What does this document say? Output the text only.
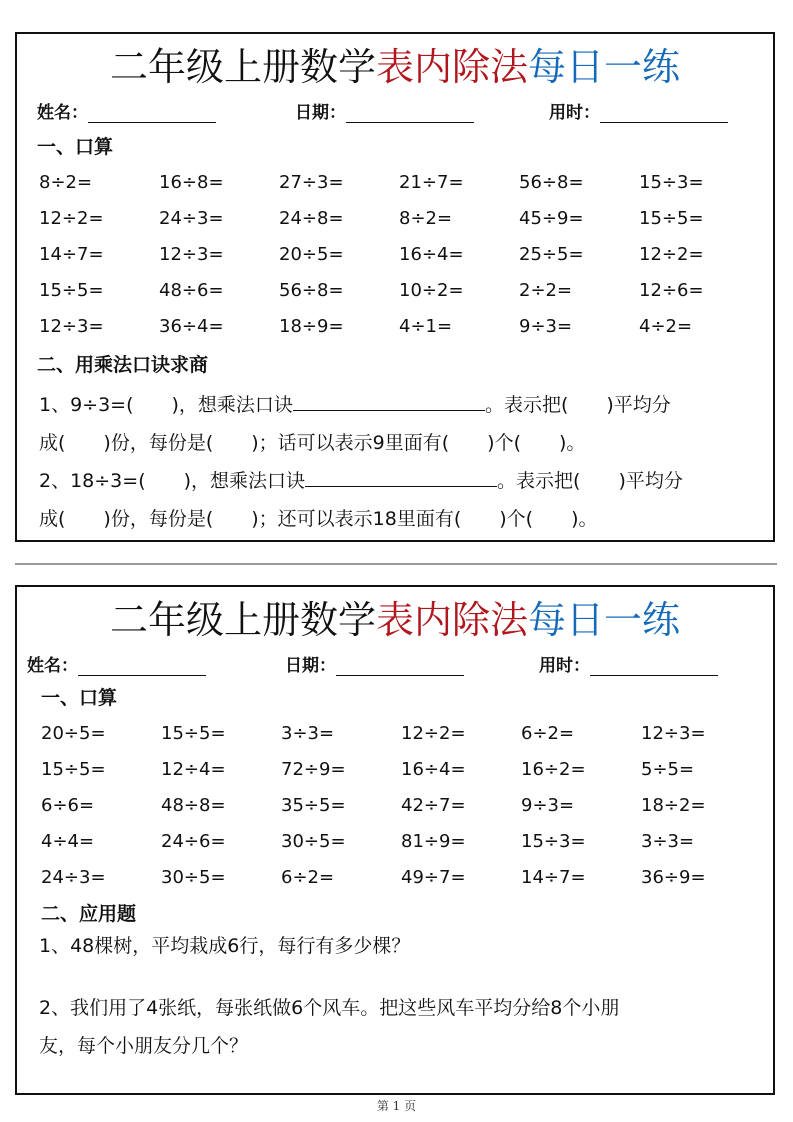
二年级上册数学表内除法每日一练
姓名：	日期：	用时：
一、口算
8÷2=	16÷8=	27÷3=	21÷7=	56÷8=	15÷3=
12÷2=	24÷3=	24÷8=	8÷2=	45÷9=	15÷5=
14÷7=	12÷3=	20÷5=	16÷4=	25÷5=	12÷2=
15÷5=	48÷6=	56÷8=	10÷2=	2÷2=	12÷6=
12÷3=	36÷4=	18÷9=	4÷1=	9÷3=	4÷2=
二、用乘法口诀求商
1、9÷3=(　　)，想乘法口诀	。表示把(　　)平均分
成(　　)份，每份是(　　)；话可以表示9里面有(　　)个(　　)。
2、18÷3=(　　)，想乘法口诀	。表示把(　　)平均分
成(　　)份，每份是(　　)；还可以表示18里面有(　　)个(　　)。
二年级上册数学表内除法每日一练
姓名：	日期：	用时：
一、口算
20÷5=	15÷5=	3÷3=	12÷2=	6÷2=	12÷3=
15÷5=	12÷4=	72÷9=	16÷4=	16÷2=	5÷5=
6÷6=	48÷8=	35÷5=	42÷7=	9÷3=	18÷2=
4÷4=	24÷6=	30÷5=	81÷9=	15÷3=	3÷3=
24÷3=	30÷5=	6÷2=	49÷7=	14÷7=	36÷9=
二、应用题
1、48棵树，平均栽成6行，每行有多少棵？
2、我们用了4张纸，每张纸做6个风车。把这些风车平均分给8个小朋
友，每个小朋友分几个？
第 1 页
